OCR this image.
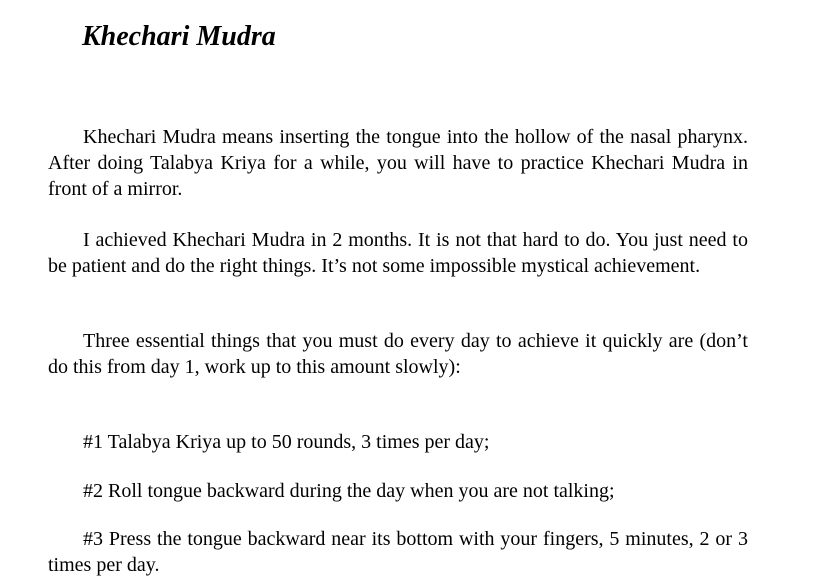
Khechari Mudra

Khechari Mudra means inserting the tongue into the hollow of the nasal pharynx. After doing Talabya Kriya for a while, you will have to practice Khechari Mudra in front of a mirror.

I achieved Khechari Mudra in 2 months. It is not that hard to do. You just need to be patient and do the right things. It’s not some impossible mystical achievement.

Three essential things that you must do every day to achieve it quickly are (don’t do this from day 1, work up to this amount slowly):

#1 Talabya Kriya up to 50 rounds, 3 times per day;

#2 Roll tongue backward during the day when you are not talking;

#3 Press the tongue backward near its bottom with your fingers, 5 minutes, 2 or 3 times per day.
